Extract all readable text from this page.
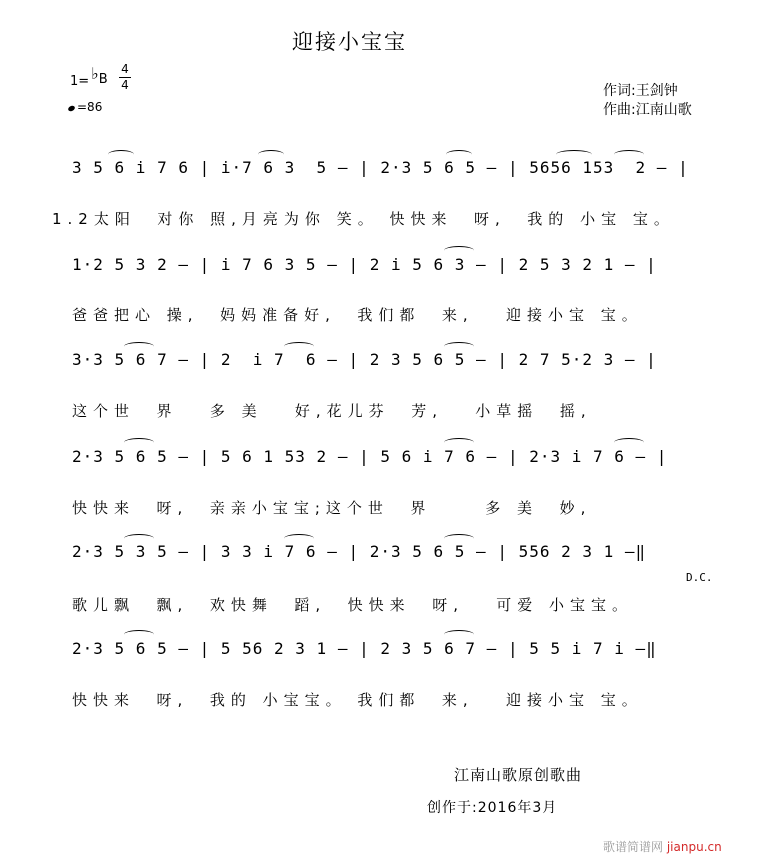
迎接小宝宝
1= ♭B
4
4
=86
作词:王剑钟
作曲:江南山歌
3 5 6 i 7 6 | i·7 6 3  5 – | 2·3 5 6 5 – | 5656 153  2 – |
1.2太阳  对你 照,月亮为你 笑。 快快来  呀,  我的 小宝 宝。
1·2 5 3 2 – | i 7 6 3 5 – | 2 i 5 6 3 – | 2 5 3 2 1 – |
爸爸把心 操,  妈妈准备好,  我们都  来,   迎接小宝 宝。
3·3 5 6 7 – | 2  i 7  6 – | 2 3 5 6 5 – | 2 7 5·2 3 – |
这个世  界   多 美   好,花儿芬  芳,   小草摇  摇,
2·3 5 6 5 – | 5 6 1 53 2 – | 5 6 i 7 6 – | 2·3 i 7 6 – |
快快来  呀,  亲亲小宝宝;这个世  界     多 美  妙,
2·3 5 3 5 – | 3 3 i 7 6 – | 2·3 5 6 5 – | 556 2 3 1 –‖
D.C.
歌儿飘  飘,  欢快舞  蹈,  快快来  呀,   可爱 小宝宝。
2·3 5 6 5 – | 5 56 2 3 1 – | 2 3 5 6 7 – | 5 5 i 7 i –‖
快快来  呀,  我的 小宝宝。 我们都  来,   迎接小宝 宝。
江南山歌原创歌曲
创作于:2016年3月
歌谱简谱网 jianpu.cn
